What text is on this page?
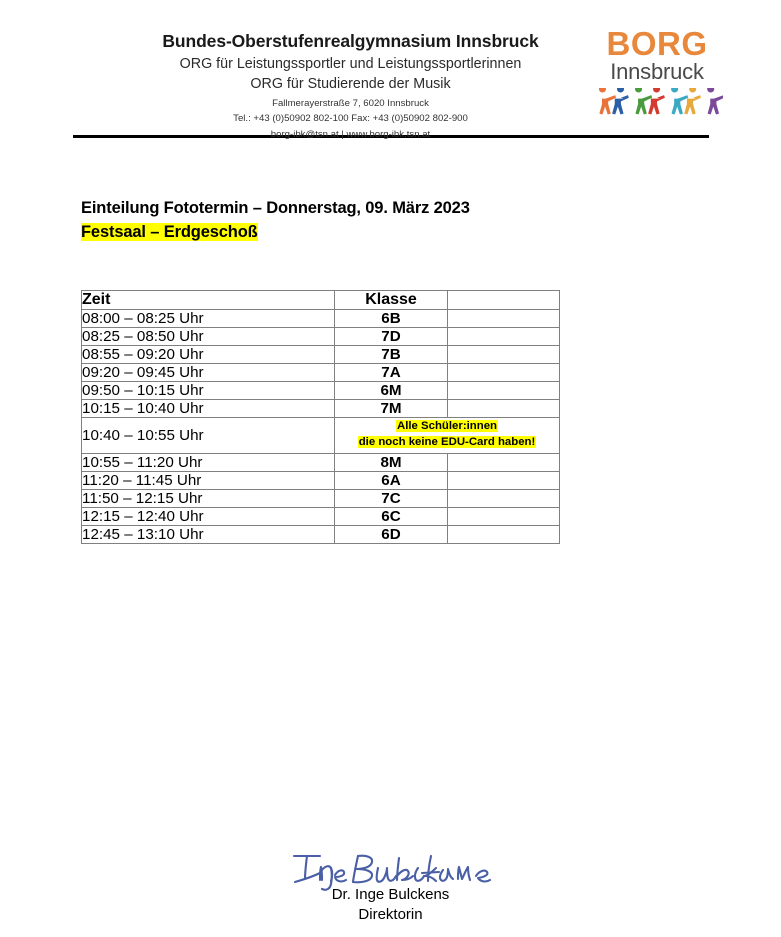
Bundes-Oberstufenrealgymnasium Innsbruck
ORG für Leistungssportler und Leistungssportlerinnen
ORG für Studierende der Musik
Fallmerayerstraße 7, 6020 Innsbruck
Tel.: +43 (0)50902 802-100 Fax: +43 (0)50902 802-900
borg-ibk@tsn.at | www.borg-ibk.tsn.at
BORG
Innsbruck
Einteilung Fototermin – Donnerstag, 09. März 2023
Festsaal – Erdgeschoß
Zeit	Klasse	
08:00 – 08:25 Uhr	6B	
08:25 – 08:50 Uhr	7D	
08:55 – 09:20 Uhr	7B	
09:20 – 09:45 Uhr	7A	
09:50 – 10:15 Uhr	6M	
10:15 – 10:40 Uhr	7M	
10:40 – 10:55 Uhr	Alle Schüler:innen
die noch keine EDU-Card haben!	

10:55 – 11:20 Uhr	8M	
11:20 – 11:45 Uhr	6A	
11:50 – 12:15 Uhr	7C	
12:15 – 12:40 Uhr	6C	
12:45 – 13:10 Uhr	6D	
Dr. Inge Bulckens
Direktorin
